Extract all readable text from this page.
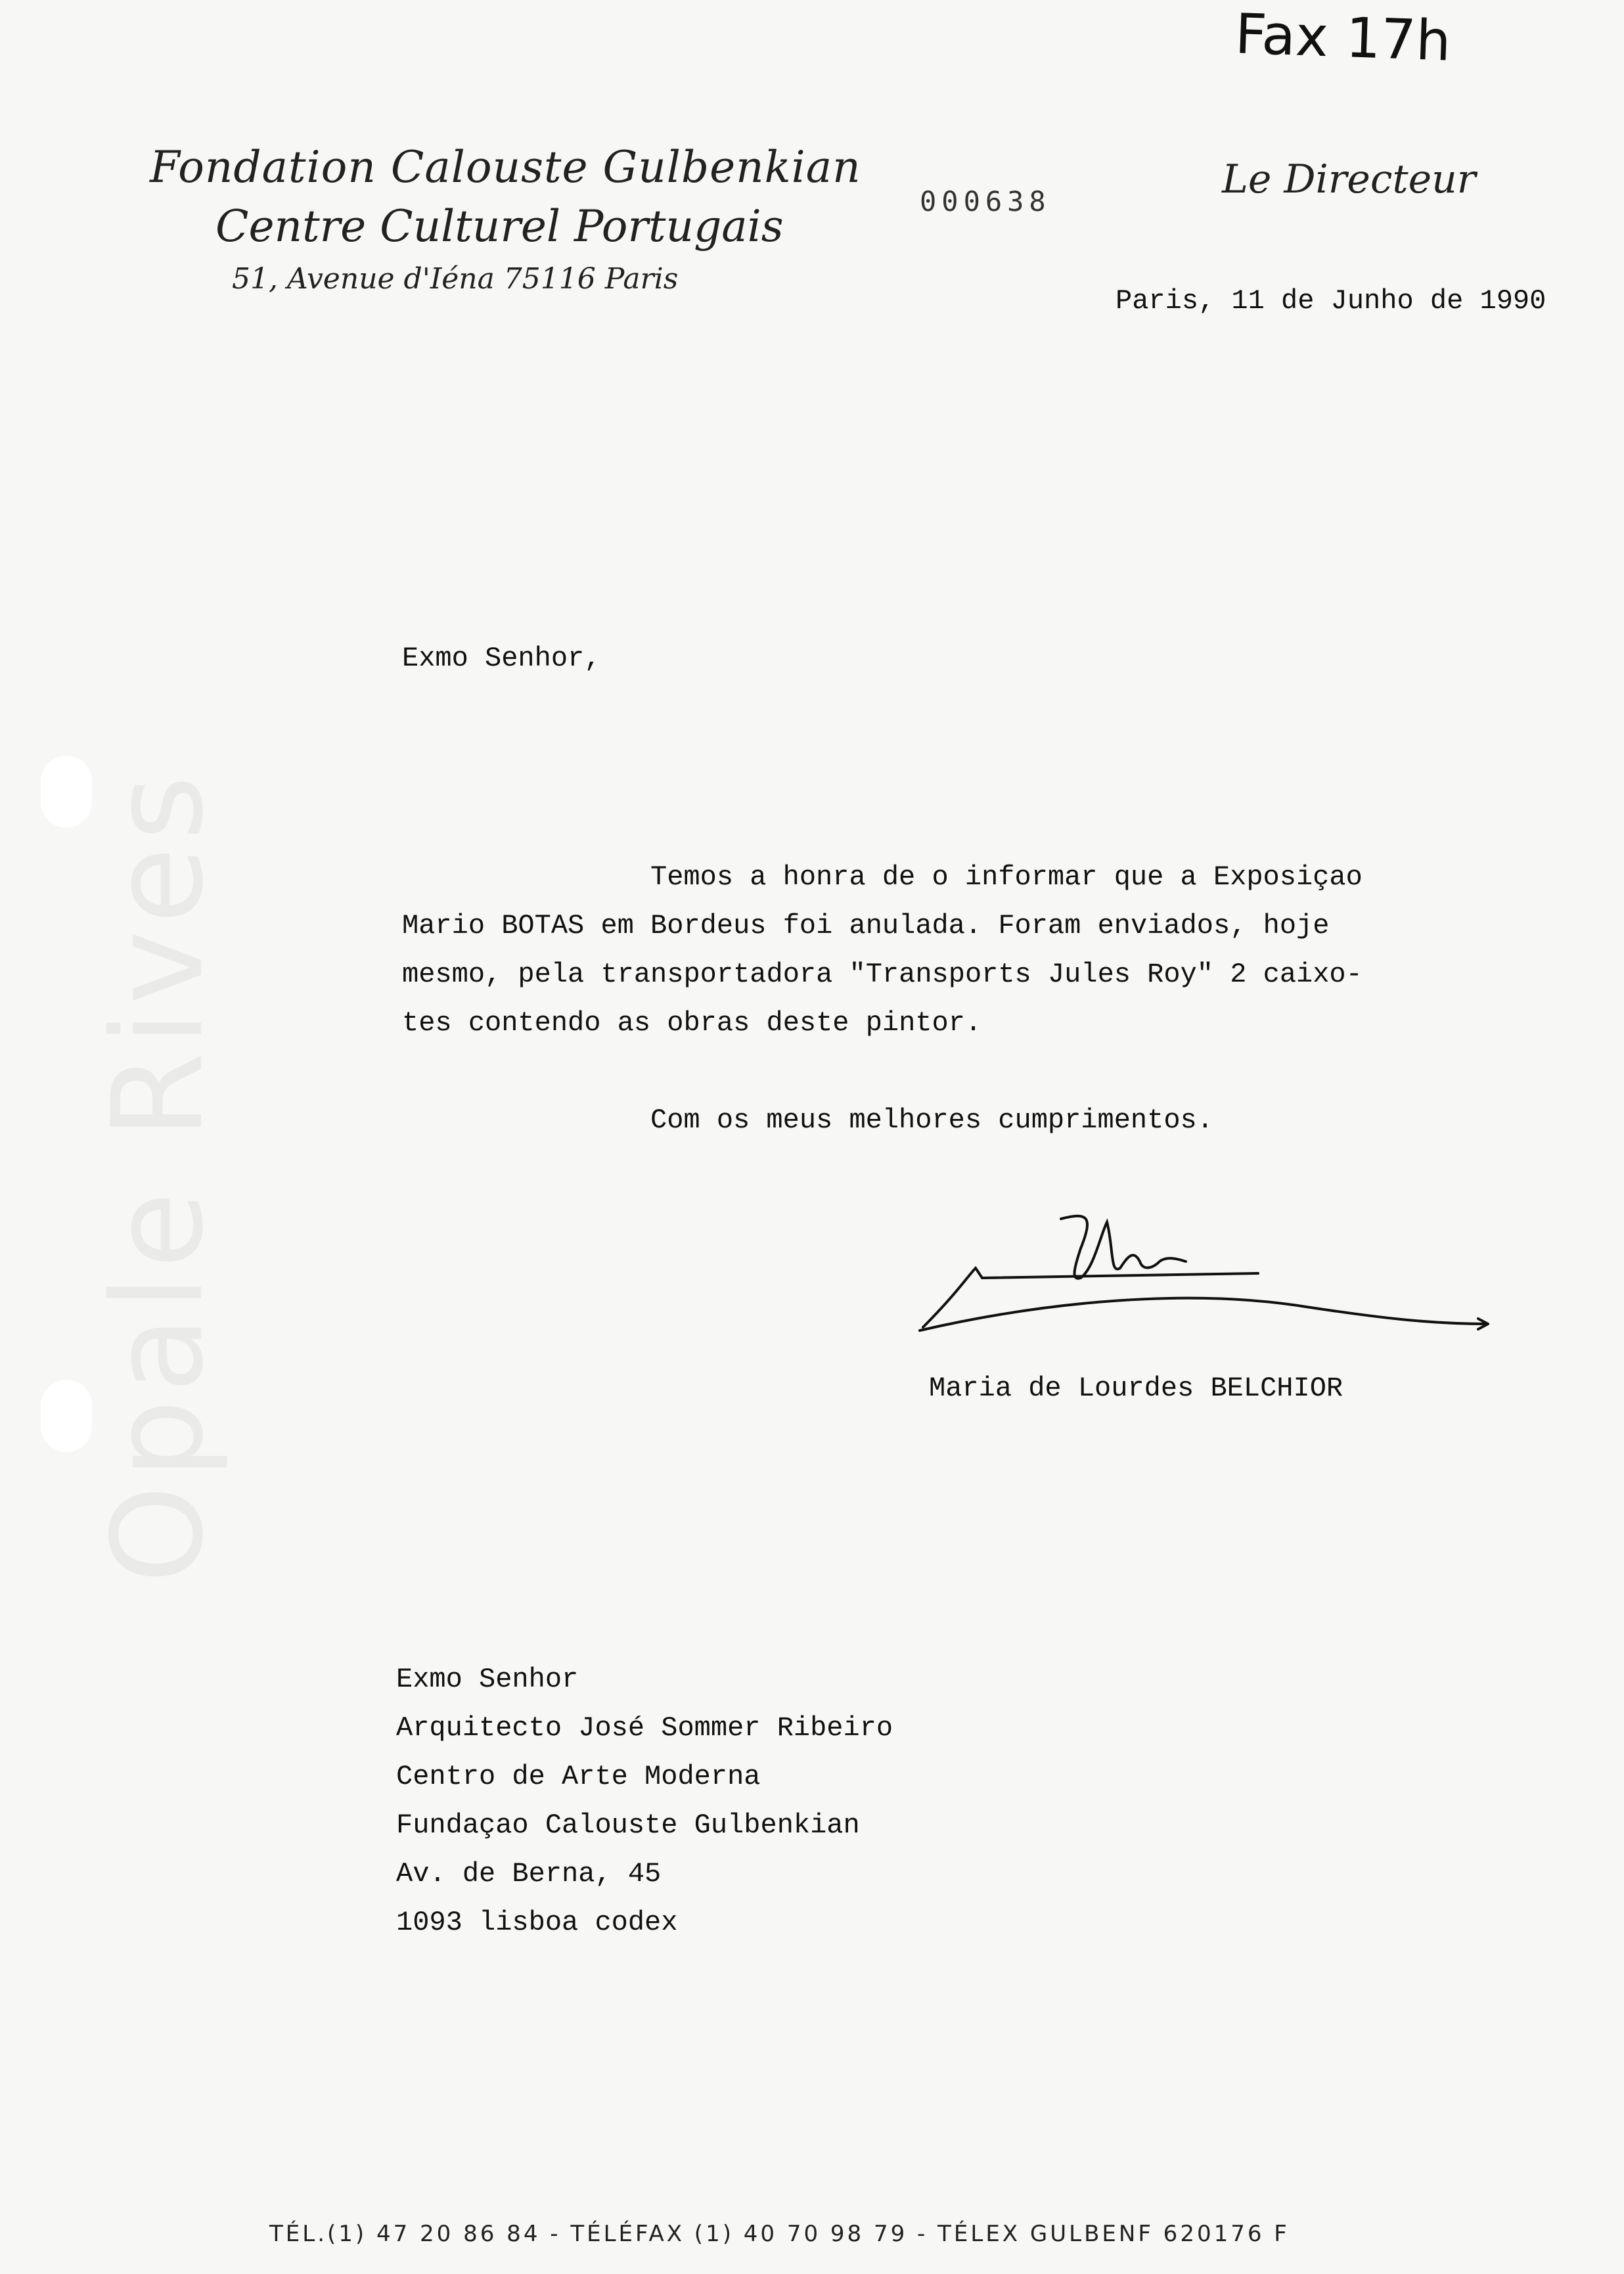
Opale Rives
Fax 17h
Fondation Calouste Gulbenkian
Centre Culturel Portugais
51, Avenue d'Iéna 75116 Paris
000638	Le Directeur
Paris, 11 de Junho de 1990
Exmo Senhor,
Temos a honra de o informar que a Exposiçao
Mario BOTAS em Bordeus foi anulada. Foram enviados, hoje
mesmo, pela transportadora "Transports Jules Roy" 2 caixo-
tes contendo as obras deste pintor.
Com os meus melhores cumprimentos.
Maria de Lourdes BELCHIOR
Exmo Senhor
Arquitecto José Sommer Ribeiro
Centro de Arte Moderna
Fundaçao Calouste Gulbenkian
Av. de Berna, 45
1093 lisboa codex
TÉL.(1) 47 20 86 84 - TÉLÉFAX (1) 40 70 98 79 - TÉLEX GULBENF 620176 F
